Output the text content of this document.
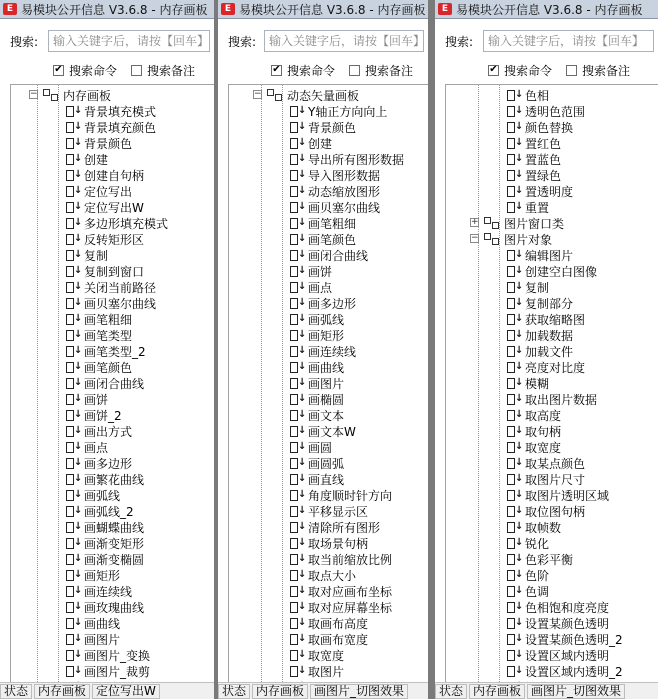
E 易模块公开信息 V3.6.8 - 内存画板
搜索:
输入关键字后，请按【回车】
✔ 搜索命令	搜索备注
− 内存画板
↓ 背景填充模式
↓ 背景填充颜色
↓ 背景颜色
↓ 创建
↓ 创建自句柄
↓ 定位写出
↓ 定位写出W
↓ 多边形填充模式
↓ 反转矩形区
↓ 复制
↓ 复制到窗口
↓ 关闭当前路径
↓ 画贝塞尔曲线
↓ 画笔粗细
↓ 画笔类型
↓ 画笔类型_2
↓ 画笔颜色
↓ 画闭合曲线
↓ 画饼
↓ 画饼_2
↓ 画出方式
↓ 画点
↓ 画多边形
↓ 画繁花曲线
↓ 画弧线
↓ 画弧线_2
↓ 画蝴蝶曲线
↓ 画渐变矩形
↓ 画渐变椭圆
↓ 画矩形
↓ 画连续线
↓ 画玫瑰曲线
↓ 画曲线
↓ 画图片
↓ 画图片_变换
↓ 画图片_裁剪
状态 内存画板 定位写出W
E 易模块公开信息 V3.6.8 - 内存画板
搜索:
输入关键字后，请按【回车】
✔ 搜索命令	搜索备注
− 动态矢量画板
↓ Y轴正方向向上
↓ 背景颜色
↓ 创建
↓ 导出所有图形数据
↓ 导入图形数据
↓ 动态缩放图形
↓ 画贝塞尔曲线
↓ 画笔粗细
↓ 画笔颜色
↓ 画闭合曲线
↓ 画饼
↓ 画点
↓ 画多边形
↓ 画弧线
↓ 画矩形
↓ 画连续线
↓ 画曲线
↓ 画图片
↓ 画椭圆
↓ 画文本
↓ 画文本W
↓ 画圆
↓ 画圆弧
↓ 画直线
↓ 角度顺时针方向
↓ 平移显示区
↓ 清除所有图形
↓ 取场景句柄
↓ 取当前缩放比例
↓ 取点大小
↓ 取对应画布坐标
↓ 取对应屏幕坐标
↓ 取画布高度
↓ 取画布宽度
↓ 取宽度
↓ 取图片
状态 内存画板 画图片_切图效果
E 易模块公开信息 V3.6.8 - 内存画板
搜索:
输入关键字后，请按【回车】
✔ 搜索命令	搜索备注
↓ 色相
↓ 透明色范围
↓ 颜色替换
↓ 置红色
↓ 置蓝色
↓ 置绿色
↓ 置透明度
↓ 重置
+ 图片窗口类
− 图片对象
↓ 编辑图片
↓ 创建空白图像
↓ 复制
↓ 复制部分
↓ 获取缩略图
↓ 加载数据
↓ 加载文件
↓ 亮度对比度
↓ 模糊
↓ 取出图片数据
↓ 取高度
↓ 取句柄
↓ 取宽度
↓ 取某点颜色
↓ 取图片尺寸
↓ 取图片透明区域
↓ 取位图句柄
↓ 取帧数
↓ 锐化
↓ 色彩平衡
↓ 色阶
↓ 色调
↓ 色相饱和度亮度
↓ 设置某颜色透明
↓ 设置某颜色透明_2
↓ 设置区域内透明
↓ 设置区域内透明_2
状态 内存画板 画图片_切图效果
